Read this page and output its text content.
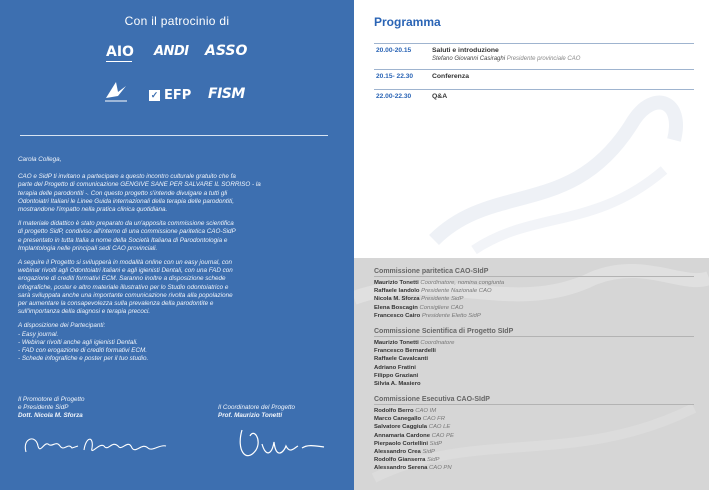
Con il patrocinio di
AIO ANDI ASSO
✓ EFP FISM

Carola Collega,

CAO e SidP ti invitano a partecipare a questo incontro culturale gratuito che fa
parte del Progetto di comunicazione GENGIVE SANE PER SALVARE IL SORRISO - la
terapia delle parodontiti -. Con questo progetto s'intende divulgare a tutti gli
Odontoiatri Italiani le Linee Guida internazionali della terapia delle parodontiti,
mostrandone l'impatto nella pratica clinica quotidiana.

Il materiale didattico è stato preparato da un'apposita commissione scientifica
di progetto SidP, condiviso all'interno di una commissione paritetica CAO-SidP
e presentato in tutta Italia a nome della Società Italiana di Parodontologia e
Implantologia nelle principali sedi CAO provinciali.

A seguire il Progetto si svilupperà in modalità online con un easy journal, con
webinar rivolti agli Odontoiatri italiani e agli igienisti Dentali, con una FAD con
erogazione di crediti formativi ECM. Saranno inoltre a disposizione schede
infografiche, poster e altro materiale illustrativo per lo Studio odontoiatrico e
sarà sviluppata anche una importante comunicazione rivolta alla popolazione
per aumentare la consapevolezza sulla prevalenza della parodontite e
sull'importanza della diagnosi e terapia precoci.

A disposizione dei Partecipanti:
- Easy journal.
- Webinar rivolti anche agli igienisti Dentali.
- FAD con erogazione di crediti formativi ECM.
- Schede infografiche e poster per il tuo studio.

Il Promotore di Progetto
e Presidente SidP
Dott. Nicola M. Sforza
Il Coordinatore del Progetto
Prof. Maurizio Tonetti
Programma
20.00-20.15	Saluti e introduzione
Stefano Giovanni Casiraghi Presidente provinciale CAO
20.15- 22.30	Conferenza
22.00-22.30	Q&A
Commissione paritetica CAO-SIdP
Maurizio Tonetti Coordinatore, nomina congiunta
Raffaele Iandolo Presidente Nazionale CAO
Nicola M. Sforza Presidente SidP
Elena Boscagin Consigliere CAO
Francesco Cairo Presidente Eletto SidP
Commissione Scientifica di Progetto SIdP
Maurizio Tonetti Coordinatore
Francesco Bernardelli
Raffaele Cavalcanti
Adriano Fratini
Filippo Graziani
Silvia A. Masiero
Commissione Esecutiva CAO-SIdP
Rodolfo Berro CAO IM
Marco Canegallo CAO FR
Salvatore Caggiula CAO LE
Annamaria Cardone CAO PE
Pierpaolo Cortellini SidP
Alessandro Crea SidP
Rodolfo Gianserra SidP
Alessandro Serena CAO PN
